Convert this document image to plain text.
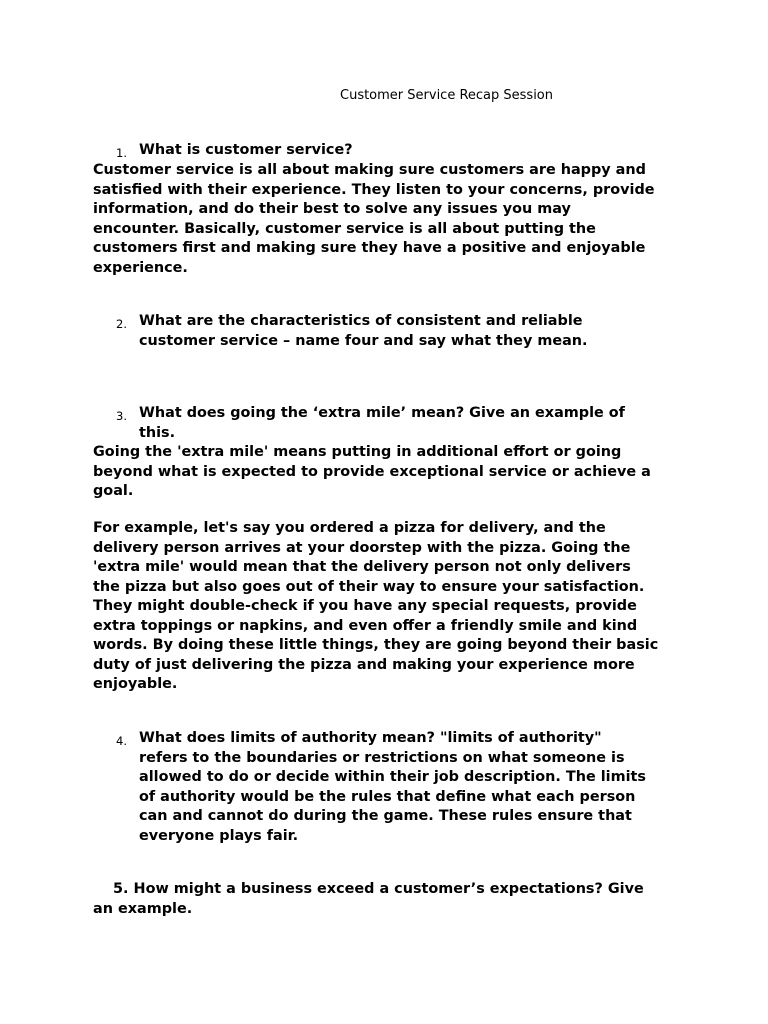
Customer Service Recap Session
1. What is customer service?
Customer service is all about making sure customers are happy and
satisfied with their experience. They listen to your concerns, provide
information, and do their best to solve any issues you may
encounter. Basically, customer service is all about putting the
customers first and making sure they have a positive and enjoyable
experience.
2. What are the characteristics of consistent and reliable
customer service – name four and say what they mean.
3. What does going the ‘extra mile’ mean? Give an example of
this.
Going the 'extra mile' means putting in additional effort or going
beyond what is expected to provide exceptional service or achieve a
goal.
For example, let's say you ordered a pizza for delivery, and the
delivery person arrives at your doorstep with the pizza. Going the
'extra mile' would mean that the delivery person not only delivers
the pizza but also goes out of their way to ensure your satisfaction.
They might double-check if you have any special requests, provide
extra toppings or napkins, and even offer a friendly smile and kind
words. By doing these little things, they are going beyond their basic
duty of just delivering the pizza and making your experience more
enjoyable.
4. What does limits of authority mean? "limits of authority"
refers to the boundaries or restrictions on what someone is
allowed to do or decide within their job description. The limits
of authority would be the rules that define what each person
can and cannot do during the game. These rules ensure that
everyone plays fair.
5. How might a business exceed a customer’s expectations? Give
an example.
